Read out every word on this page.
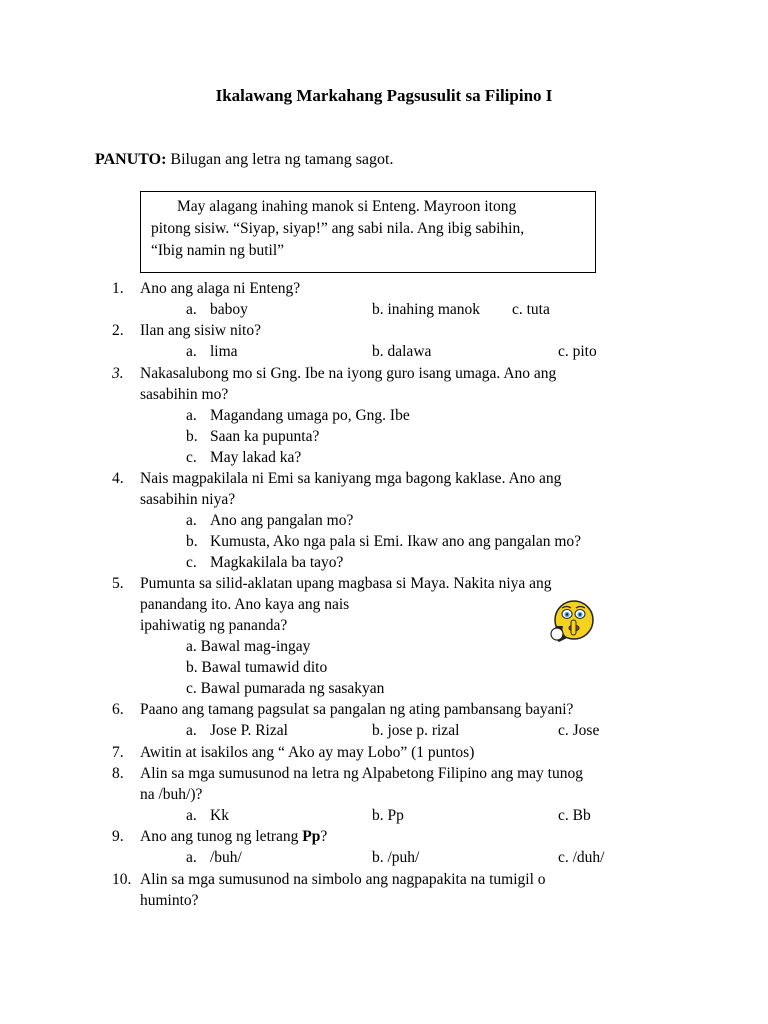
Ikalawang Markahang Pagsusulit sa Filipino I
PANUTO: Bilugan ang letra ng tamang sagot.
May alagang inahing manok si Enteng. Mayroon itong
pitong sisiw. “Siyap, siyap!” ang sabi nila. Ang ibig sabihin,
“Ibig namin ng butil”
1.	Ano ang alaga ni Enteng?
a. baboy	b. inahing manok c. tuta
2.	Ilan ang sisiw nito?
a. lima	b. dalawa	c. pito
3.	Nakasalubong mo si Gng. Ibe na iyong guro isang umaga. Ano ang
sasabihin mo?
a. Magandang umaga po, Gng. Ibe
b. Saan ka pupunta?
c. May lakad ka?
4.	Nais magpakilala ni Emi sa kaniyang mga bagong kaklase. Ano ang
sasabihin niya?
a. Ano ang pangalan mo?
b. Kumusta, Ako nga pala si Emi. Ikaw ano ang pangalan mo?
c. Magkakilala ba tayo?
5.	Pumunta sa silid-aklatan upang magbasa si Maya. Nakita niya ang
panandang ito. Ano kaya ang nais
ipahiwatig ng pananda?
a. Bawal mag-ingay
b. Bawal tumawid dito
c. Bawal pumarada ng sasakyan
6.	Paano ang tamang pagsulat sa pangalan ng ating pambansang bayani?
a. Jose P. Rizal	b. jose p. rizal	c. Jose
7.	Awitin at isakilos ang “ Ako ay may Lobo” (1 puntos)
8.	Alin sa mga sumusunod na letra ng Alpabetong Filipino ang may tunog
na /buh/)?
a. Kk	b. Pp	c. Bb
9.	Ano ang tunog ng letrang Pp?
a. /buh/	b. /puh/	c. /duh/
10. Alin sa mga sumusunod na simbolo ang nagpapakita na tumigil o
huminto?
